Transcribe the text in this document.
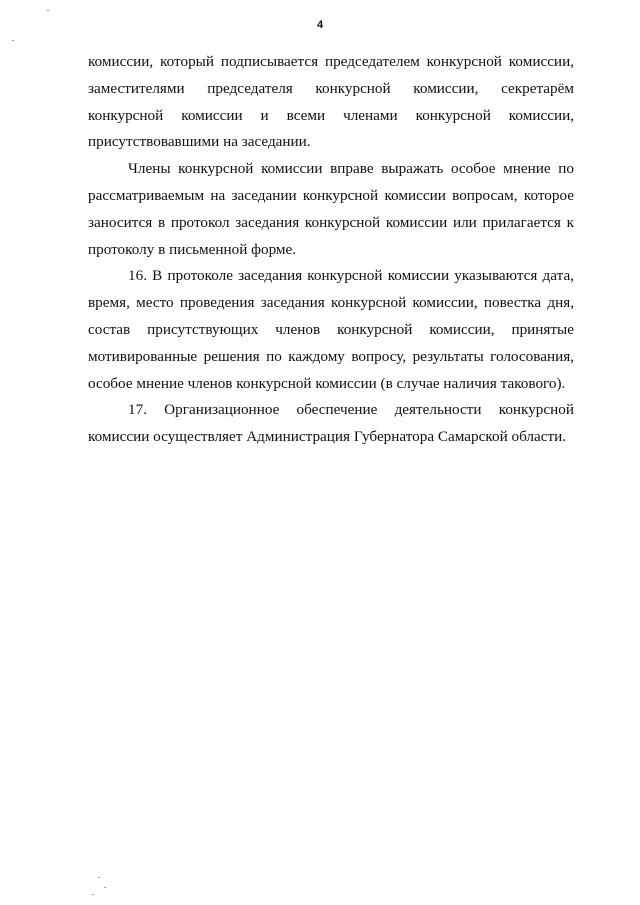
4

комиссии, который подписывается председателем конкурсной комиссии, заместителями председателя конкурсной комиссии, секретарём конкурсной комиссии и всеми членами конкурсной комиссии, присутствовавшими на заседании.

Члены конкурсной комиссии вправе выражать особое мнение по рассматриваемым на заседании конкурсной комиссии вопросам, которое заносится в протокол заседания конкурсной комиссии или прилагается к протоколу в письменной форме.

16. В протоколе заседания конкурсной комиссии указываются дата, время, место проведения заседания конкурсной комиссии, повестка дня, состав присутствующих членов конкурсной комиссии, принятые мотивированные решения по каждому вопросу, результаты голосования, особое мнение членов конкурсной комиссии (в случае наличия такового).

17. Организационное обеспечение деятельности конкурсной комиссии осуществляет Администрация Губернатора Самарской области.
